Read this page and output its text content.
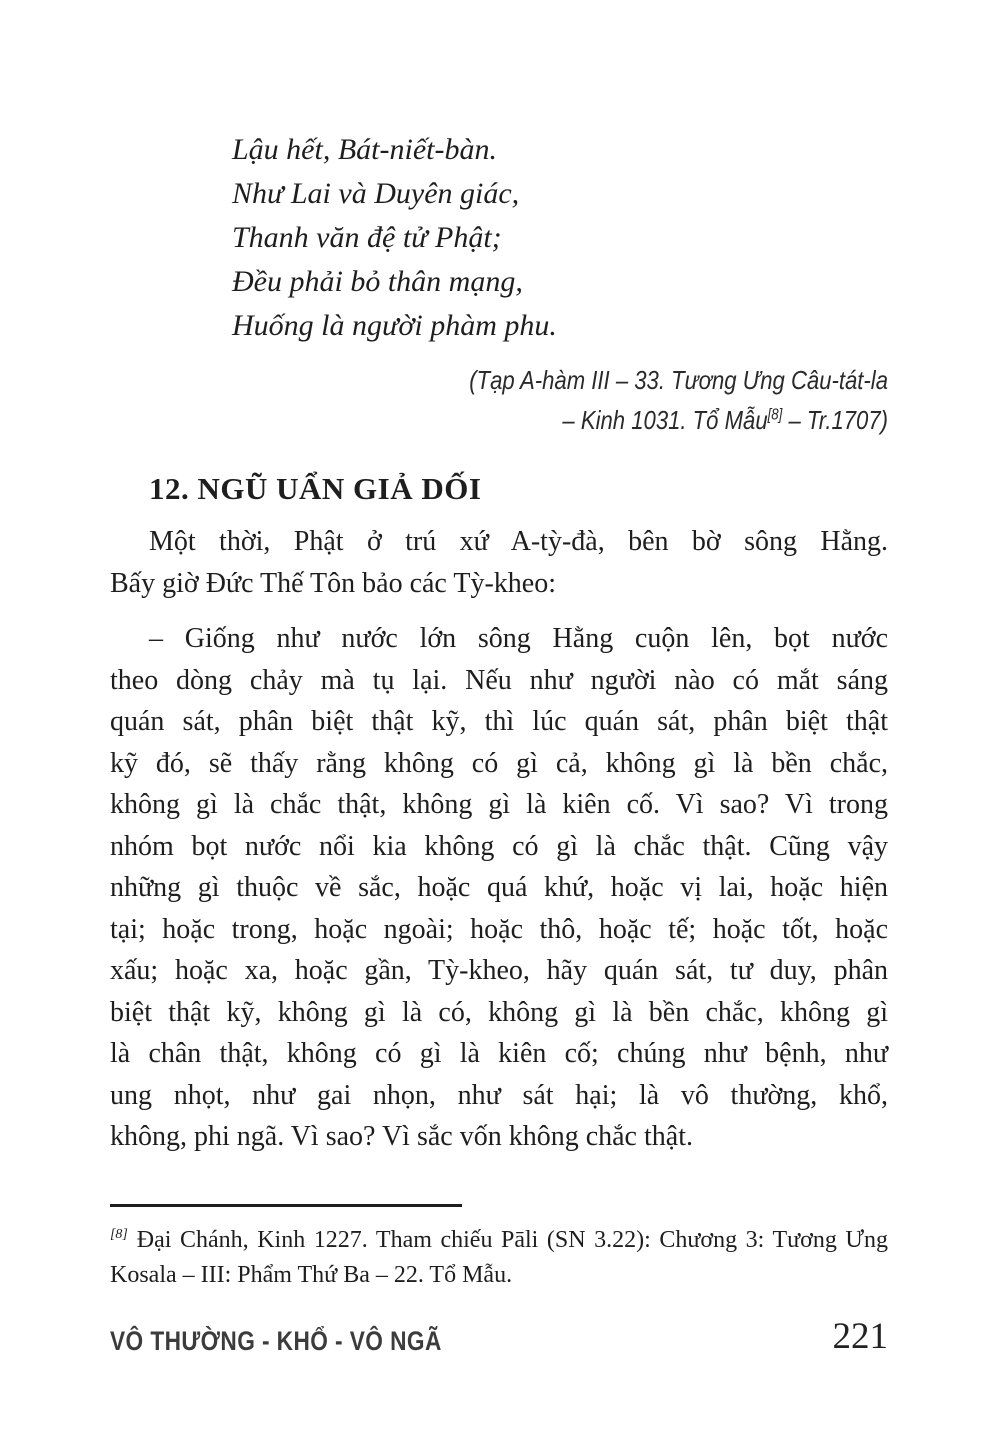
Lậu hết, Bát-niết-bàn.
Như Lai và Duyên giác,
Thanh văn đệ tử Phật;
Đều phải bỏ thân mạng,
Huống là người phàm phu.
(Tạp A-hàm III – 33. Tương Ưng Câu-tát-la
– Kinh 1031. Tổ Mẫu[8] – Tr.1707)
12. NGŨ UẨN GIẢ DỐI
Một thời, Phật ở trú xứ A-tỳ-đà, bên bờ sông Hằng.
Bấy giờ Đức Thế Tôn bảo các Tỳ-kheo:
– Giống như nước lớn sông Hằng cuộn lên, bọt nước
theo dòng chảy mà tụ lại. Nếu như người nào có mắt sáng
quán sát, phân biệt thật kỹ, thì lúc quán sát, phân biệt thật
kỹ đó, sẽ thấy rằng không có gì cả, không gì là bền chắc,
không gì là chắc thật, không gì là kiên cố. Vì sao? Vì trong
nhóm bọt nước nổi kia không có gì là chắc thật. Cũng vậy
những gì thuộc về sắc, hoặc quá khứ, hoặc vị lai, hoặc hiện
tại; hoặc trong, hoặc ngoài; hoặc thô, hoặc tế; hoặc tốt, hoặc
xấu; hoặc xa, hoặc gần, Tỳ-kheo, hãy quán sát, tư duy, phân
biệt thật kỹ, không gì là có, không gì là bền chắc, không gì
là chân thật, không có gì là kiên cố; chúng như bệnh, như
ung nhọt, như gai nhọn, như sát hại; là vô thường, khổ,
không, phi ngã. Vì sao? Vì sắc vốn không chắc thật.
[8] Đại Chánh, Kinh 1227. Tham chiếu Pāli (SN 3.22): Chương 3: Tương Ưng
Kosala – III: Phẩm Thứ Ba – 22. Tổ Mẫu.
VÔ THƯỜNG - KHỔ - VÔ NGÃ	221
